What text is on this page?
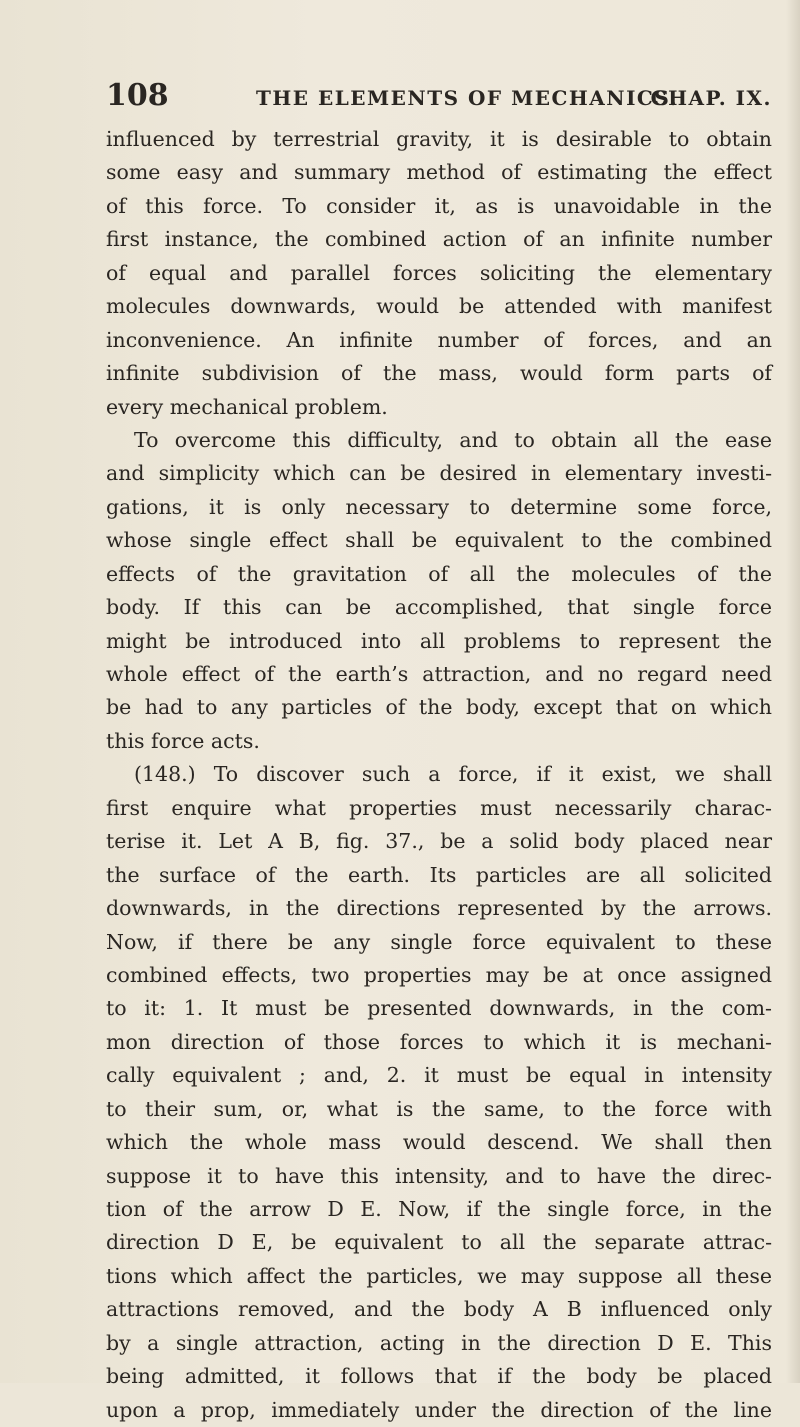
108	THE ELEMENTS OF MECHANICS.
CHAP. IX.
influenced by terrestrial gravity, it is desirable to obtain
some easy and summary method of estimating the effect
of this force. To consider it, as is unavoidable in the
first instance, the combined action of an infinite number
of equal and parallel forces soliciting the elementary
molecules downwards, would be attended with manifest
inconvenience. An infinite number of forces, and an
infinite subdivision of the mass, would form parts of
every mechanical problem.
To overcome this difficulty, and to obtain all the ease
and simplicity which can be desired in elementary investi-
gations, it is only necessary to determine some force,
whose single effect shall be equivalent to the combined
effects of the gravitation of all the molecules of the
body. If this can be accomplished, that single force
might be introduced into all problems to represent the
whole effect of the earth’s attraction, and no regard need
be had to any particles of the body, except that on which
this force acts.
(148.) To discover such a force, if it exist, we shall
first enquire what properties must necessarily charac-
terise it. Let A B, fig. 37., be a solid body placed near
the surface of the earth. Its particles are all solicited
downwards, in the directions represented by the arrows.
Now, if there be any single force equivalent to these
combined effects, two properties may be at once assigned
to it: 1. It must be presented downwards, in the com-
mon direction of those forces to which it is mechani-
cally equivalent ; and, 2. it must be equal in intensity
to their sum, or, what is the same, to the force with
which the whole mass would descend. We shall then
suppose it to have this intensity, and to have the direc-
tion of the arrow D E. Now, if the single force, in the
direction D E, be equivalent to all the separate attrac-
tions which affect the particles, we may suppose all these
attractions removed, and the body A B influenced only
by a single attraction, acting in the direction D E. This
being admitted, it follows that if the body be placed
upon a prop, immediately under the direction of the line
